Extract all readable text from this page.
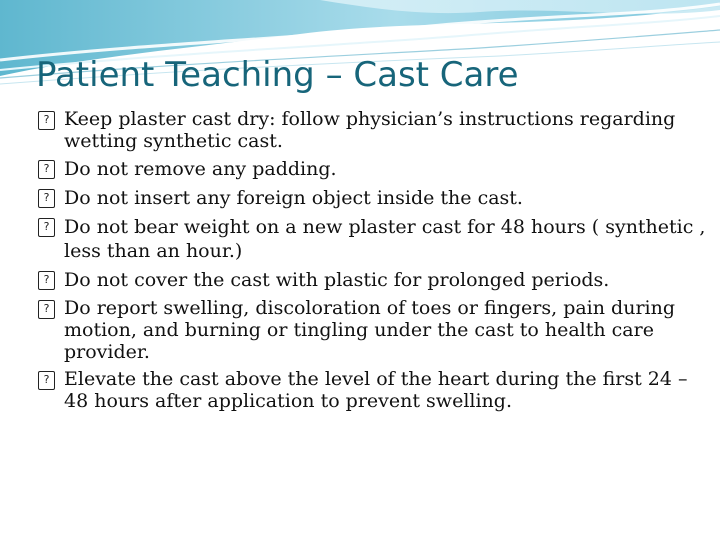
Patient Teaching – Cast Care
? Keep plaster cast dry: follow physician’s instructions regarding wetting synthetic cast.
? Do not remove any padding.
? Do not insert any foreign object inside the cast.
? Do not bear weight on a new plaster cast for 48 hours ( synthetic , less than an hour.)
? Do not cover the cast with plastic for prolonged periods.
? Do report swelling, discoloration of toes or fingers, pain during motion, and burning or tingling under the cast to health care provider.
? Elevate the cast above the level of the heart during the first 24 – 48 hours after application to prevent swelling.
